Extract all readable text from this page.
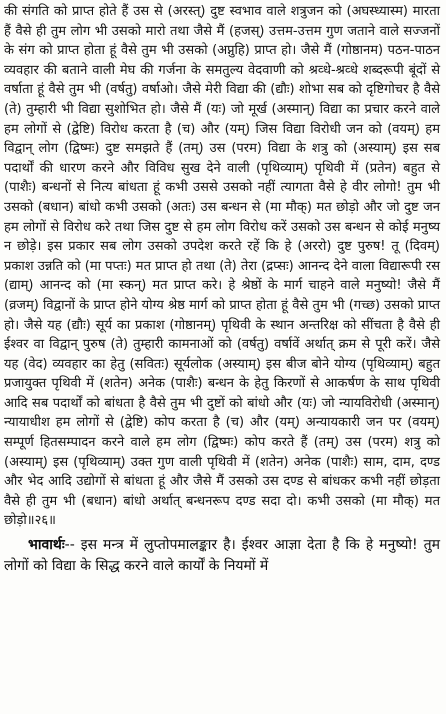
की संगति को प्राप्त होते हैं उस से (अरस्त्) दुष्ट स्वभाव वाले शत्रुजन को (अघस्ध्यास्म) मारता हैं वैसे ही तुम लोग भी उसको मारो तथा जैसे मैं (हजस्) उत्तम-उत्तम गुण जताने वाले सज्जनों के संग को प्राप्त होता हूं वैसे तुम भी उसको (अप्नुहि) प्राप्त हो। जैसे मैं (गोष्ठानम) पठन-पाठन व्यवहार की बताने वाली मेघ की गर्जना के समतुल्य वेदवाणी को श्रव्धे-श्रव्धे शब्दरूपी बूंदों से वर्षाता हूं वैसे तुम भी (वर्षतु) वर्षाओ। जैसे मेरी विद्या की (द्यौः) शोभा सब को दृष्टिगोचर है वैसे (ते) तुम्हारी भी विद्या सुशोभित हो। जैसे मैं (यः) जो मूर्ख (अस्मान्) विद्या का प्रचार करने वाले हम लोगों से (द्वेष्टि) विरोध करता है (च) और (यम्) जिस विद्या विरोधी जन को (वयम्) हम विद्वान् लोग (द्विष्मः) दुष्ट समझते हैं (तम्) उस (परम) विद्या के शत्रु को (अस्याम्) इस सब पदार्थों की धारण करने और विविध सुख देने वाली (पृथिव्याम्) पृथिवी में (प्रतेन) बहुत से (पाशैः) बन्धनों से नित्य बांधता हूं कभी उससे उसको नहीं त्यागता वैसे हे वीर लोगो! तुम भी उसको (बधान) बांधो कभी उसको (अतः) उस बन्धन से (मा मौक्) मत छोड़ो और जो दुष्ट जन हम लोगों से विरोध करे तथा जिस दुष्ट से हम लोग विरोध करें उसको उस बन्धन से कोई मनुष्य न छोड़े। इस प्रकार सब लोग उसको उपदेश करते रहें कि हे (अररो) दुष्ट पुरुष! तू (दिवम्) प्रकाश उन्नति को (मा पप्तः) मत प्राप्त हो तथा (ते) तेरा (द्रप्सः) आनन्द देने वाला विद्यारूपी रस (द्याम्) आनन्द को (मा स्कन्) मत प्राप्त करे। हे श्रेष्ठों के मार्ग चाहने वाले मनुष्यो! जैसे मैं (व्रजम्) विद्वानों के प्राप्त होने योग्य श्रेष्ठ मार्ग को प्राप्त होता हूं वैसे तुम भी (गच्छ) उसको प्राप्त हो। जैसे यह (द्यौः) सूर्य का प्रकाश (गोष्ठानम्) पृथिवी के स्थान अन्तरिक्ष को सींचता है वैसे ही ईश्वर वा विद्वान् पुरुष (ते) तुम्हारी कामनाओं को (वर्षतु) वर्षावें अर्थात् क्रम से पूरी करें। जैसे यह (वेद) व्यवहार का हेतु (सवितः) सूर्यलोक (अस्याम्) इस बीज बोने योग्य (पृथिव्याम्) बहुत प्रजायुक्त पृथिवी में (शतेन) अनेक (पाशैः) बन्धन के हेतु किरणों से आकर्षण के साथ पृथिवी आदि सब पदार्थों को बांधता है वैसे तुम भी दुष्टों को बांधो और (यः) जो न्यायविरोधी (अस्मान्) न्यायाधीश हम लोगों से (द्वेष्टि) कोप करता है (च) और (यम्) अन्यायकारी जन पर (वयम्) सम्पूर्ण हितसम्पादन करने वाले हम लोग (द्विष्मः) कोप करते हैं (तम्) उस (परम) शत्रु को (अस्याम्) इस (पृथिव्याम्) उक्त गुण वाली पृथिवी में (शतेन) अनेक (पाशैः) साम, दाम, दण्ड और भेद आदि उद्योगों से बांधता हूं और जैसे मैं उसको उस दण्ड से बांधकर कभी नहीं छोड़ता वैसे ही तुम भी (बधान) बांधो अर्थात् बन्धनरूप दण्ड सदा दो। कभी उसको (मा मौक्) मत छोड़ो॥२६॥

भावार्थः-- इस मन्त्र में लुप्तोपमालङ्कार है। ईश्वर आज्ञा देता है कि हे मनुष्यो! तुम लोगों को विद्या के सिद्ध करने वाले कार्यों के नियमों में
